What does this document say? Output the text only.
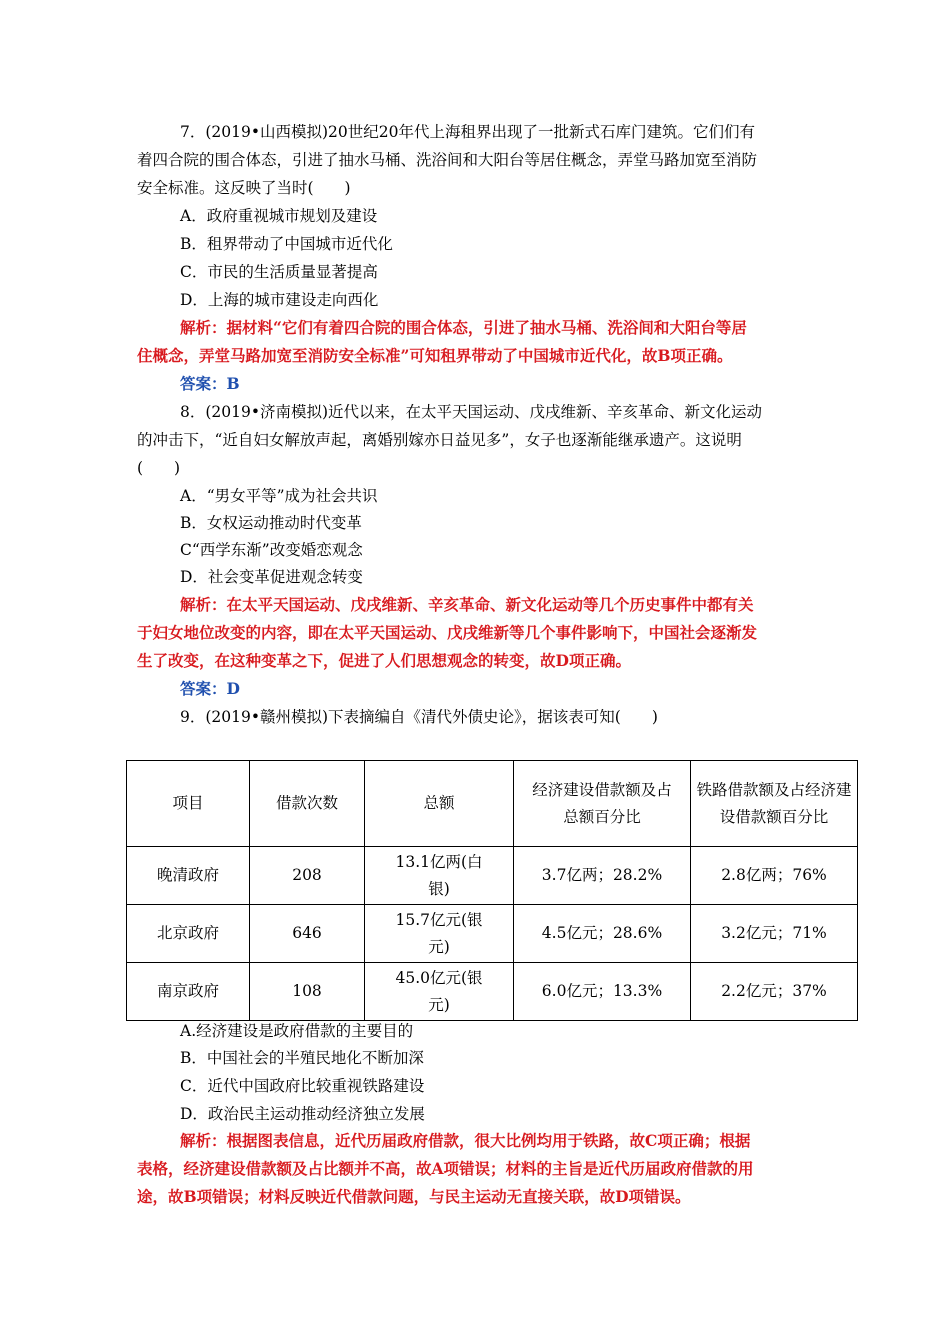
7．(2019•山西模拟)20世纪20年代上海租界出现了一批新式石库门建筑。它们们有
着四合院的围合体态，引进了抽水马桶、洗浴间和大阳台等居住概念，弄堂马路加宽至消防
安全标准。这反映了当时(　　)
A．政府重视城市规划及建设
B．租界带动了中国城市近代化
C．市民的生活质量显著提高
D．上海的城市建设走向西化
解析：据材料“它们有着四合院的围合体态，引进了抽水马桶、洗浴间和大阳台等居
住概念，弄堂马路加宽至消防安全标准”可知租界带动了中国城市近代化，故B项正确。
答案：B
8．(2019•济南模拟)近代以来，在太平天国运动、戊戌维新、辛亥革命、新文化运动
的冲击下，“近自妇女解放声起，离婚别嫁亦日益见多”，女子也逐渐能继承遗产。这说明
(　　)
A．“男女平等”成为社会共识
B．女权运动推动时代变革
C“西学东渐”改变婚恋观念
D．社会变革促进观念转变
解析：在太平天国运动、戊戌维新、辛亥革命、新文化运动等几个历史事件中都有关
于妇女地位改变的内容，即在太平天国运动、戊戌维新等几个事件影响下，中国社会逐渐发
生了改变，在这种变革之下，促进了人们思想观念的转变，故D项正确。
答案：D
9．(2019•赣州模拟)下表摘编自《清代外债史论》，据该表可知(　　)
项目	借款次数	总额	经济建设借款额及占总额百分比	铁路借款额及占经济建设借款额百分比
晚清政府	208	13.1亿两(白银)	3.7亿两；28.2%	2.8亿两；76%
北京政府	646	15.7亿元(银元)	4.5亿元；28.6%	3.2亿元；71%
南京政府	108	45.0亿元(银元)	6.0亿元；13.3%	2.2亿元；37%
A.经济建设是政府借款的主要目的
B．中国社会的半殖民地化不断加深
C．近代中国政府比较重视铁路建设
D．政治民主运动推动经济独立发展
解析：根据图表信息，近代历届政府借款，很大比例均用于铁路，故C项正确；根据
表格，经济建设借款额及占比额并不高，故A项错误；材料的主旨是近代历届政府借款的用
途，故B项错误；材料反映近代借款问题，与民主运动无直接关联，故D项错误。
